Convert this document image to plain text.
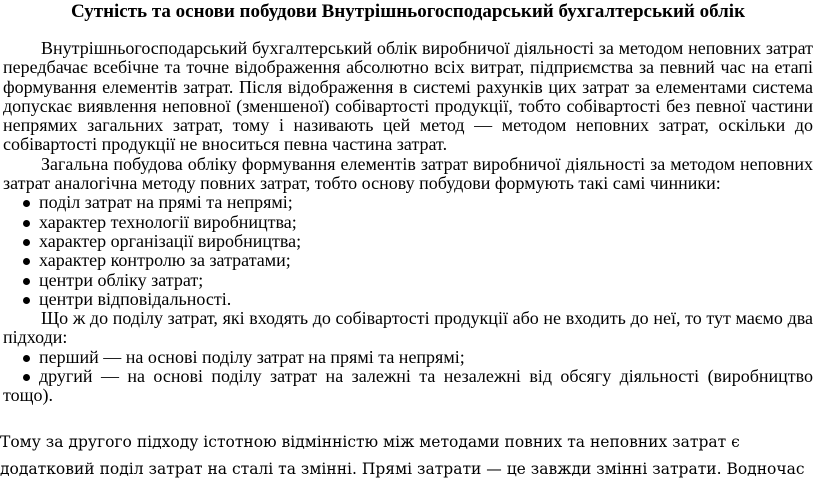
Сутність та основи побудови Внутрішньогосподарський бухгалтерський облік

Внутрішньогосподарський бухгалтерський облік виробничої діяльності за методом неповних затрат передбачає всебічне та точне відображення абсолютно всіх витрат, підприємства за певний час на етапі формування елементів затрат. Після відображення в системі рахунків цих затрат за елементами система допускає виявлення неповної (зменшеної) собівартості продукції, тобто собівартості без певної частини непрямих загальних затрат, тому і називають цей метод — методом неповних затрат, оскільки до собівартості продукції не вноситься певна частина затрат.

Загальна побудова обліку формування елементів затрат виробничої діяльності за методом неповних затрат аналогічна методу повних затрат, тобто основу побудови формують такі самі чинники:

поділ затрат на прямі та непрямі;
характер технології виробництва;
характер організації виробництва;
характер контролю за затратами;
центри обліку затрат;
центри відповідальності.

Що ж до поділу затрат, які входять до собівартості продукції або не входить до неї, то тут маємо два підходи:

перший — на основі поділу затрат на прямі та непрямі;
другий — на основі поділу затрат на залежні та незалежні від обсягу діяльності (виробництво тощо).

Тому за другого підходу істотною відмінністю між методами повних та неповних затрат є

додатковий поділ затрат на сталі та змінні. Прямі затрати — це завжди змінні затрати. Водночас
